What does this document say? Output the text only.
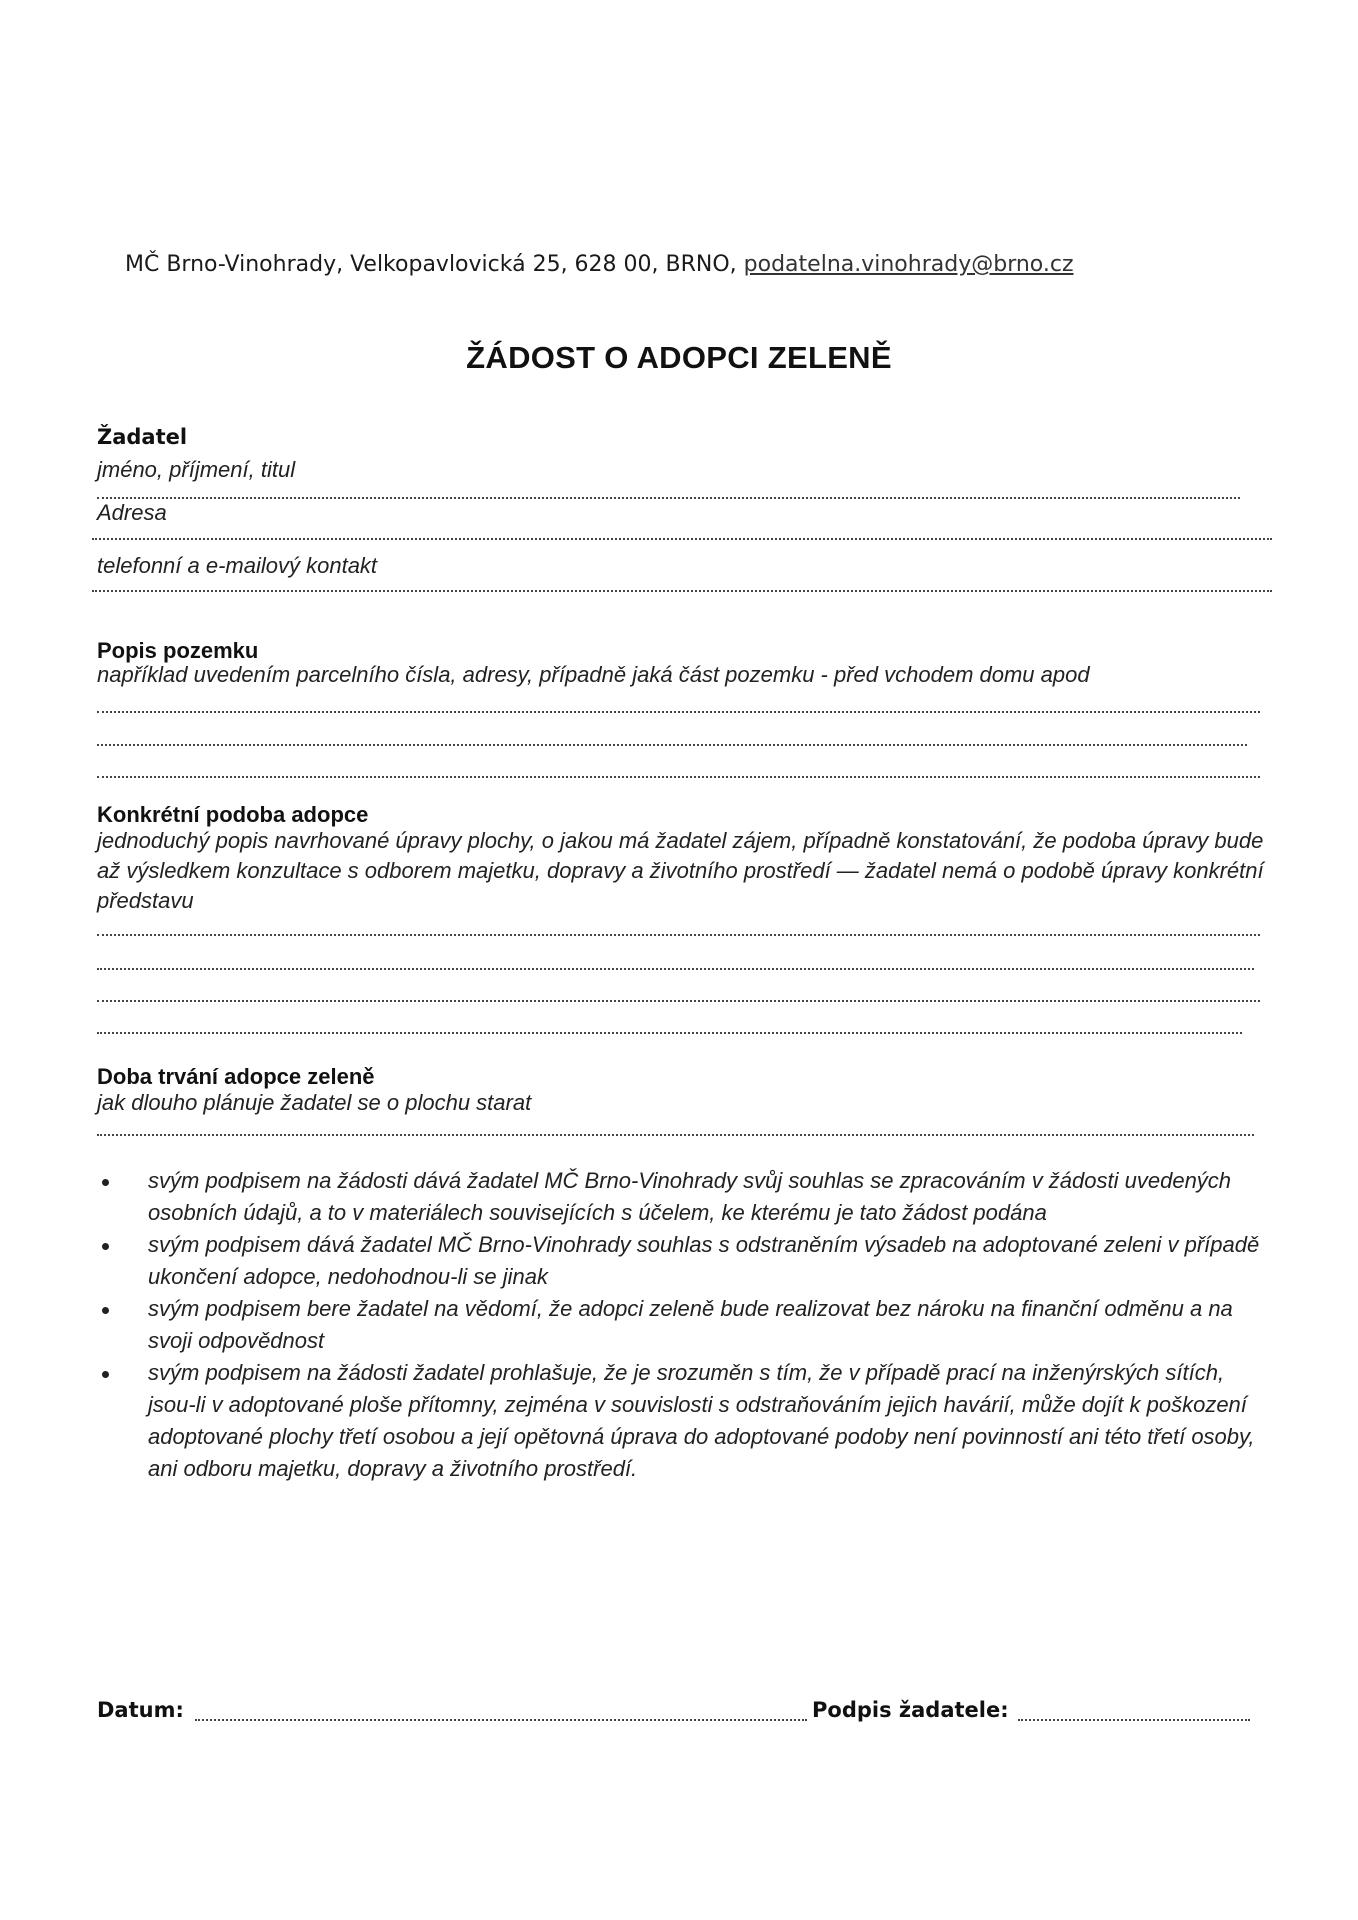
MČ Brno-Vinohrady, Velkopavlovická 25, 628 00, BRNO, podatelna.vinohrady@brno.cz
ŽÁDOST O ADOPCI ZELENĚ
Žadatel
jméno, příjmení, titul
Adresa
telefonní a e-mailový kontakt
Popis pozemku
například uvedením parcelního čísla, adresy, případně jaká část pozemku - před vchodem domu apod
Konkrétní podoba adopce
jednoduchý popis navrhované úpravy plochy, o jakou má žadatel zájem, případně konstatování, že podoba úpravy bude až výsledkem konzultace s odborem majetku, dopravy a životního prostředí — žadatel nemá o podobě úpravy konkrétní představu
Doba trvání adopce zeleně
jak dlouho plánuje žadatel se o plochu starat
svým podpisem na žádosti dává žadatel MČ Brno-Vinohrady svůj souhlas se zpracováním v žádosti uvedených osobních údajů, a to v materiálech souvisejících s účelem, ke kterému je tato žádost podána
svým podpisem dává žadatel MČ Brno-Vinohrady souhlas s odstraněním výsadeb na adoptované zeleni v případě ukončení adopce, nedohodnou-li se jinak
svým podpisem bere žadatel na vědomí, že adopci zeleně bude realizovat bez nároku na finanční odměnu a na svoji odpovědnost
svým podpisem na žádosti žadatel prohlašuje, že je srozuměn s tím, že v případě prací na inženýrských sítích, jsou-li v adoptované ploše přítomny, zejména v souvislosti s odstraňováním jejich havárií, může dojít k poškození adoptované plochy třetí osobou a její opětovná úprava do adoptované podoby není povinností ani této třetí osoby, ani odboru majetku, dopravy a životního prostředí.
Datum:	Podpis žadatele:
